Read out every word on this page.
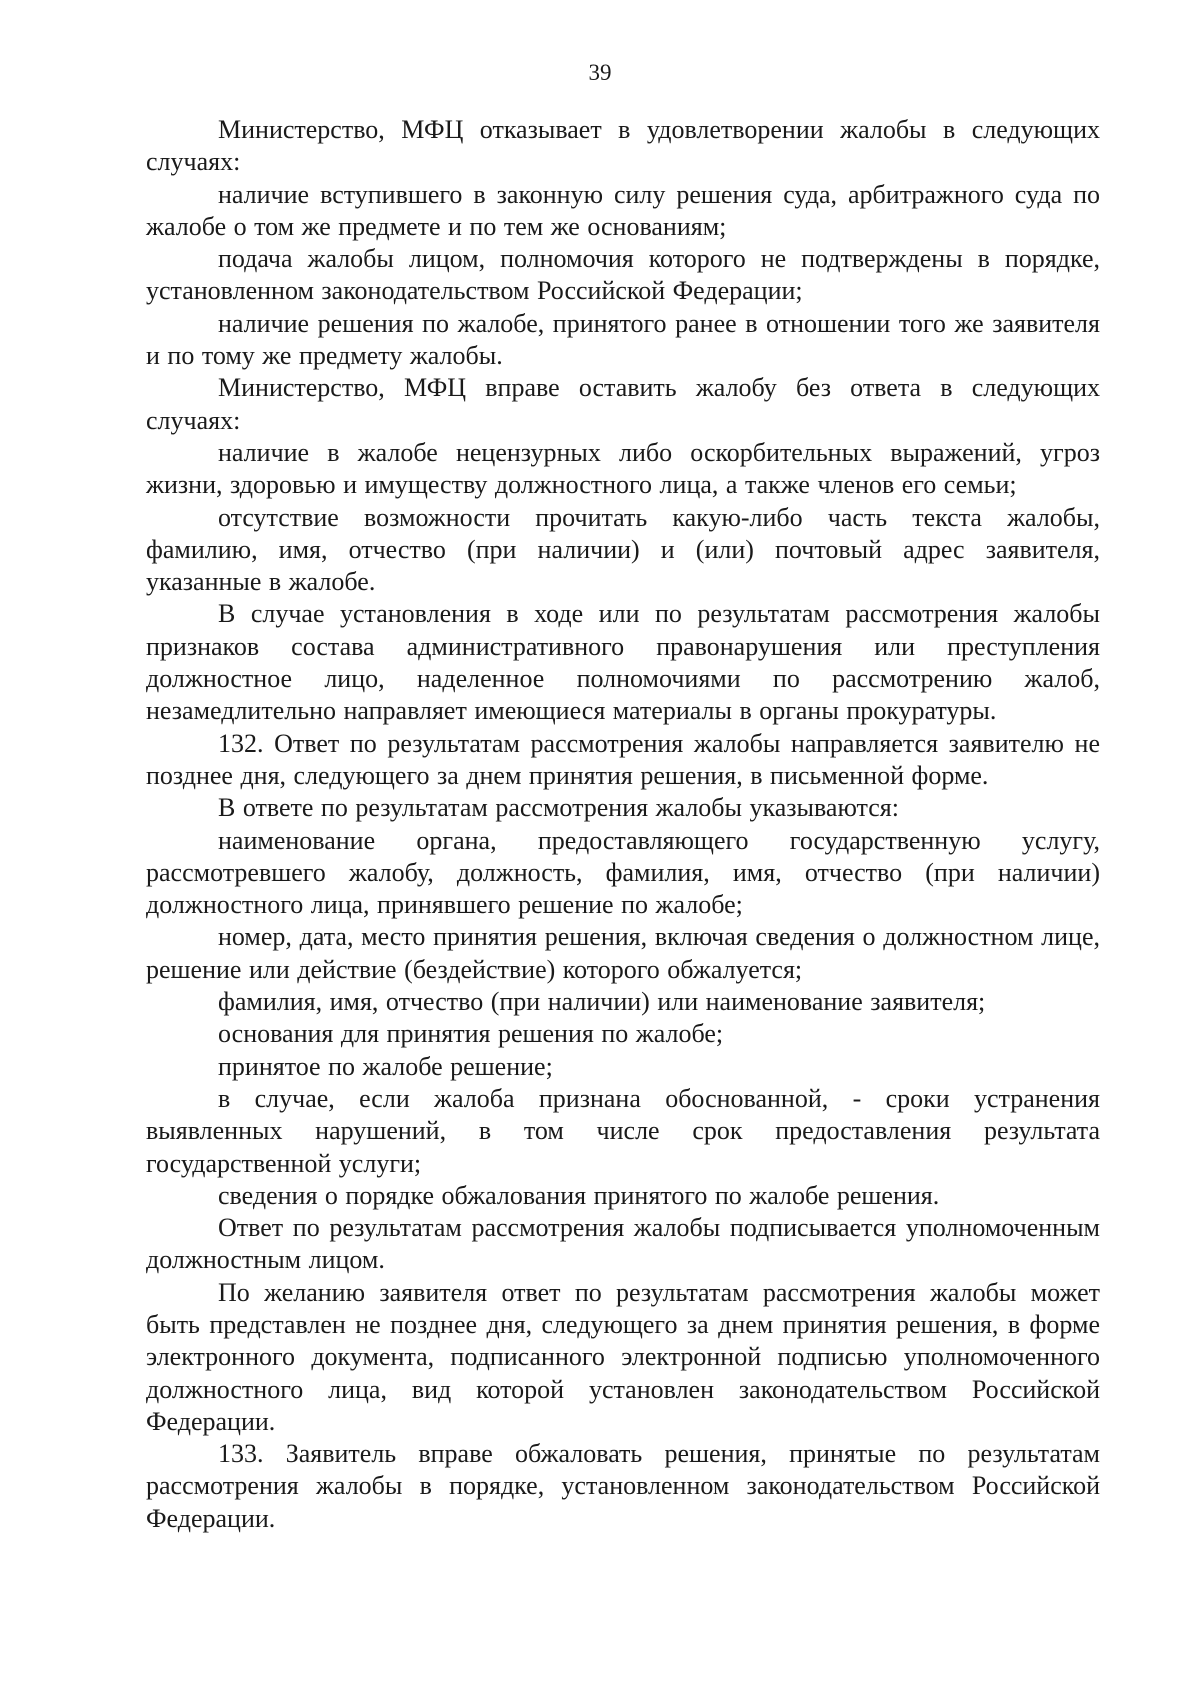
39

Министерство, МФЦ отказывает в удовлетворении жалобы в следующих случаях:

наличие вступившего в законную силу решения суда, арбитражного суда по жалобе о том же предмете и по тем же основаниям;

подача жалобы лицом, полномочия которого не подтверждены в порядке, установленном законодательством Российской Федерации;

наличие решения по жалобе, принятого ранее в отношении того же заявителя и по тому же предмету жалобы.

Министерство, МФЦ вправе оставить жалобу без ответа в следующих случаях:

наличие в жалобе нецензурных либо оскорбительных выражений, угроз жизни, здоровью и имуществу должностного лица, а также членов его семьи;

отсутствие возможности прочитать какую-либо часть текста жалобы, фамилию, имя, отчество (при наличии) и (или) почтовый адрес заявителя, указанные в жалобе.

В случае установления в ходе или по результатам рассмотрения жалобы признаков состава административного правонарушения или преступления должностное лицо, наделенное полномочиями по рассмотрению жалоб, незамедлительно направляет имеющиеся материалы в органы прокуратуры.

132. Ответ по результатам рассмотрения жалобы направляется заявителю не позднее дня, следующего за днем принятия решения, в письменной форме.

В ответе по результатам рассмотрения жалобы указываются:

наименование органа, предоставляющего государственную услугу, рассмотревшего жалобу, должность, фамилия, имя, отчество (при наличии) должностного лица, принявшего решение по жалобе;

номер, дата, место принятия решения, включая сведения о должностном лице, решение или действие (бездействие) которого обжалуется;

фамилия, имя, отчество (при наличии) или наименование заявителя;

основания для принятия решения по жалобе;

принятое по жалобе решение;

в случае, если жалоба признана обоснованной, - сроки устранения выявленных нарушений, в том числе срок предоставления результата государственной услуги;

сведения о порядке обжалования принятого по жалобе решения.

Ответ по результатам рассмотрения жалобы подписывается уполномоченным должностным лицом.

По желанию заявителя ответ по результатам рассмотрения жалобы может быть представлен не позднее дня, следующего за днем принятия решения, в форме электронного документа, подписанного электронной подписью уполномоченного должностного лица, вид которой установлен законодательством Российской Федерации.

133. Заявитель вправе обжаловать решения, принятые по результатам рассмотрения жалобы в порядке, установленном законодательством Российской Федерации.
